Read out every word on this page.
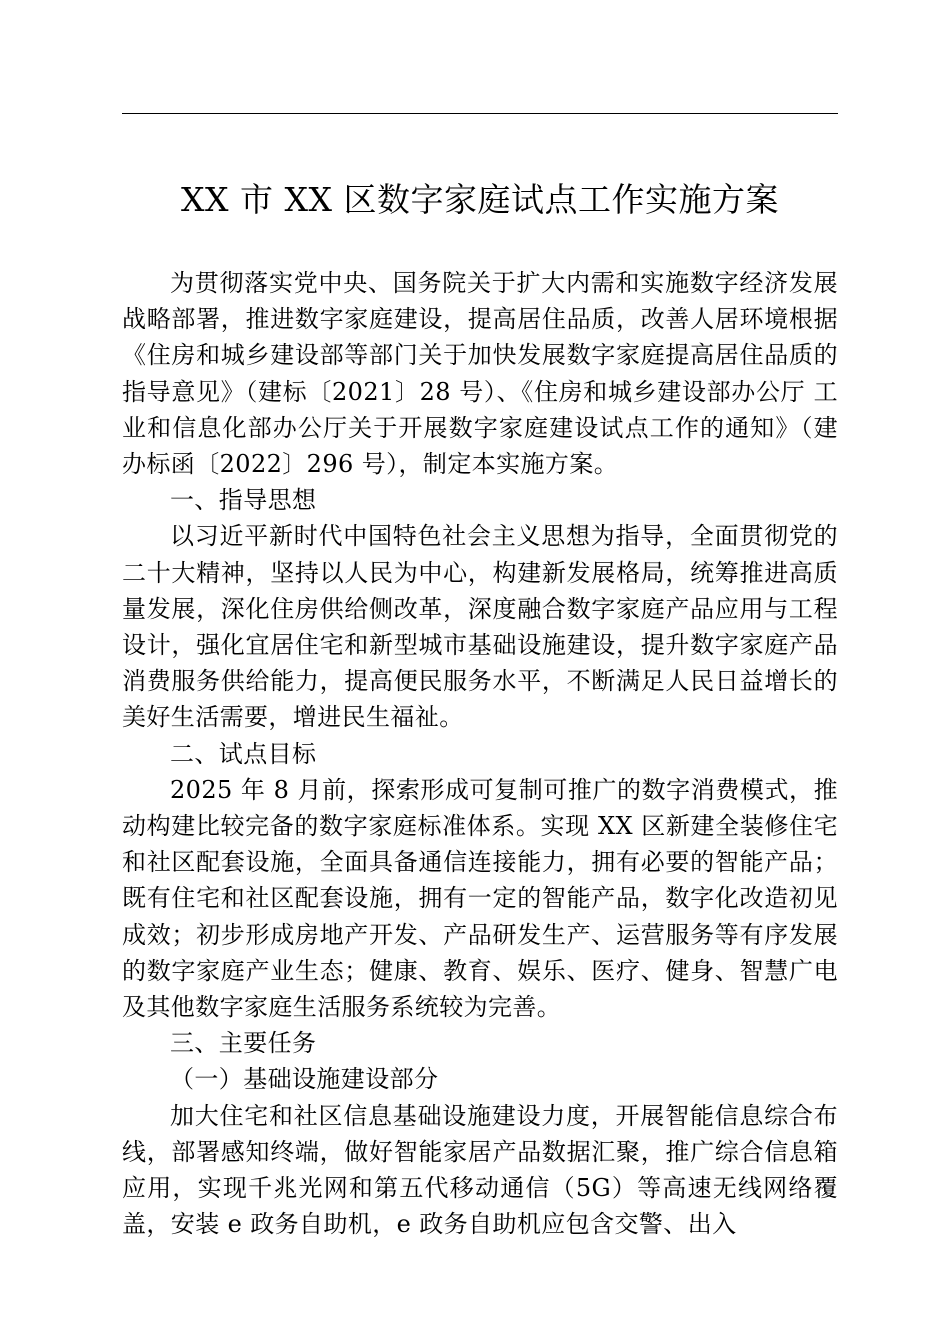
XX 市 XX 区数字家庭试点工作实施方案

为贯彻落实党中央、国务院关于扩大内需和实施数字经济发展战略部署，推进数字家庭建设，提高居住品质，改善人居环境根据《住房和城乡建设部等部门关于加快发展数字家庭提高居住品质的指导意见》（建标〔2021〕28 号）、《住房和城乡建设部办公厅 工业和信息化部办公厅关于开展数字家庭建设试点工作的通知》（建办标函〔2022〕296 号），制定本实施方案。

一、指导思想

以习近平新时代中国特色社会主义思想为指导，全面贯彻党的二十大精神，坚持以人民为中心，构建新发展格局，统筹推进高质量发展，深化住房供给侧改革，深度融合数字家庭产品应用与工程设计，强化宜居住宅和新型城市基础设施建设，提升数字家庭产品消费服务供给能力，提高便民服务水平，不断满足人民日益增长的美好生活需要，增进民生福祉。

二、试点目标

2025 年 8 月前，探索形成可复制可推广的数字消费模式，推动构建比较完备的数字家庭标准体系。实现 XX 区新建全装修住宅和社区配套设施，全面具备通信连接能力，拥有必要的智能产品；既有住宅和社区配套设施，拥有一定的智能产品，数字化改造初见成效；初步形成房地产开发、产品研发生产、运营服务等有序发展的数字家庭产业生态；健康、教育、娱乐、医疗、健身、智慧广电及其他数字家庭生活服务系统较为完善。

三、主要任务

（一）基础设施建设部分

加大住宅和社区信息基础设施建设力度，开展智能信息综合布线，部署感知终端，做好智能家居产品数据汇聚，推广综合信息箱应用，实现千兆光网和第五代移动通信（5G）等高速无线网络覆盖，安装 e 政务自助机，e 政务自助机应包含交警、出入
